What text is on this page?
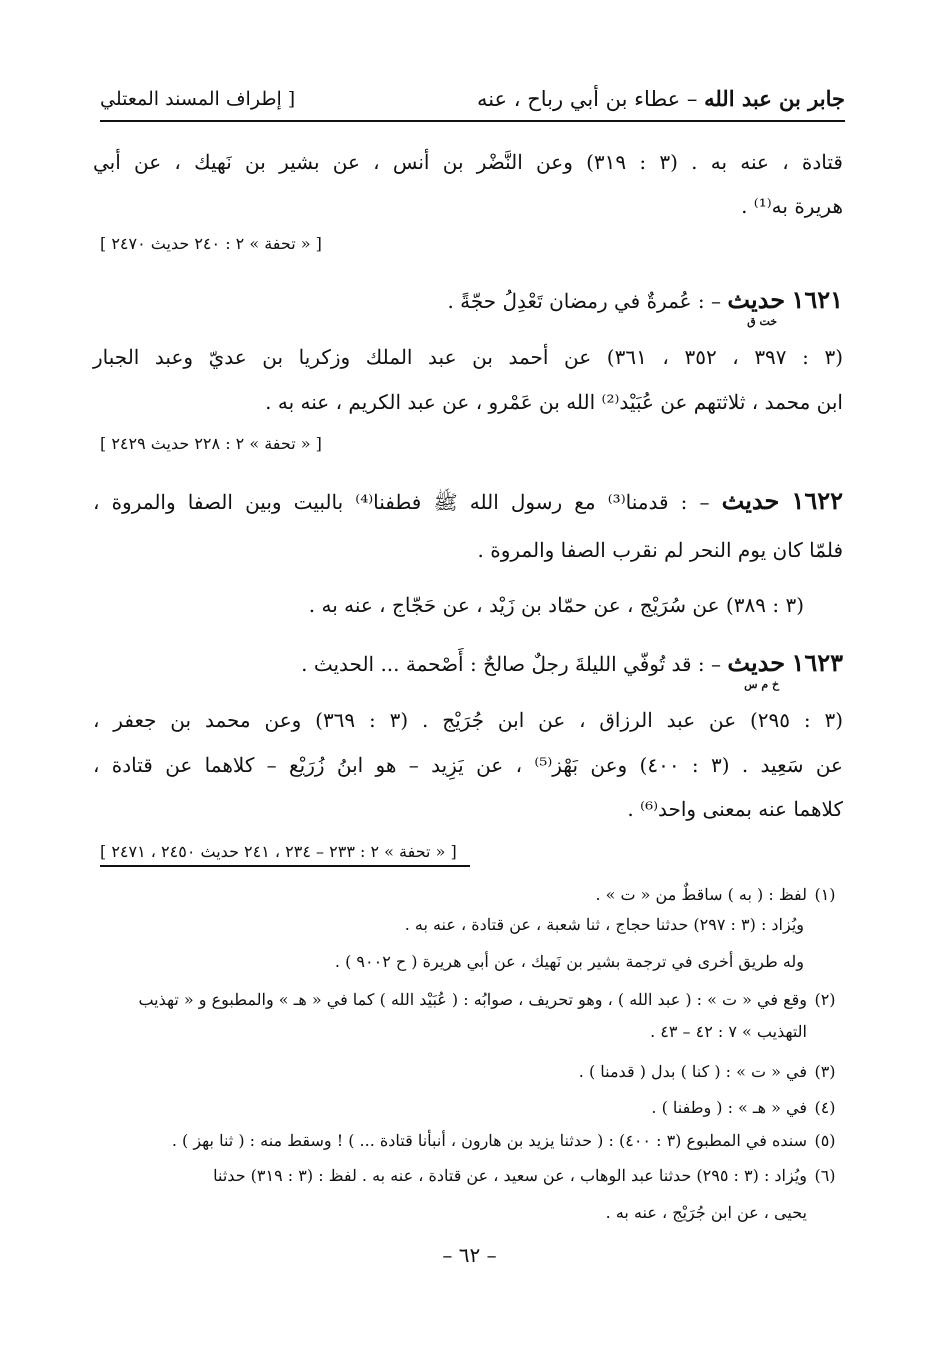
جابر بن عبد الله – عطاء بن أبي رباح ، عنه
[ إطراف المسند المعتلي
قتادة ، عنه به . (٣ : ٣١٩) وعن النَّضْر بن أنس ، عن بشير بن نَهيك ، عن أبي
هريرة به⁽¹⁾ .
[ « تحفة » ٢ : ٢٤٠ حديث ٢٤٧٠ ]
١٦٢١ حديث
خت ق
– : عُمرةٌ في رمضان تَعْدِلُ حجّةً .
(٣ : ٣٩٧ ، ٣٥٢ ، ٣٦١) عن أحمد بن عبد الملك وزكريا بن عديّ وعبد الجبار
ابن محمد ، ثلاثتهم عن عُبَيْد⁽²⁾ الله بن عَمْرو ، عن عبد الكريم ، عنه به .
[ « تحفة » ٢ : ٢٢٨ حديث ٢٤٢٩ ]
١٦٢٢ حديث – : قدمنا⁽³⁾ مع رسول الله ﷺ فطفنا⁽⁴⁾ بالبيت وبين الصفا والمروة ،
فلمّا كان يوم النحر لم نقرب الصفا والمروة .
(٣ : ٣٨٩) عن سُرَيْج ، عن حمّاد بن زَيْد ، عن حَجّاج ، عنه به .
١٦٢٣ حديث
خ م س
– : قد تُوفّي الليلةَ رجلٌ صالحٌ : أَصْحمة ... الحديث .
(٣ : ٢٩٥) عن عبد الرزاق ، عن ابن جُرَيْج . (٣ : ٣٦٩) وعن محمد بن جعفر ،
عن سَعِيد . (٣ : ٤٠٠) وعن بَهْز⁽⁵⁾ ، عن يَزِيد – هو ابنُ زُرَيْع – كلاهما عن قتادة ،
كلاهما عنه بمعنى واحد⁽⁶⁾ .
[ « تحفة » ٢ : ٢٣٣ – ٢٣٤ ، ٢٤١ حديث ٢٤٥٠ ، ٢٤٧١ ]
(١)لفظ : ( به ) ساقطٌ من « ت » .
ويُزاد : (٣ : ٢٩٧) حدثنا حجاج ، ثنا شعبة ، عن قتادة ، عنه به .
وله طريق أخرى في ترجمة بشير بن نَهيك ، عن أبي هريرة ( ح ٩٠٠٢ ) .
(٢)وقع في « ت » : ( عبد الله ) ، وهو تحريف ، صوابُه : ( عُبَيْد الله ) كما في « هـ » والمطبوع و « تهذيب
التهذيب » ٧ : ٤٢ – ٤٣ .
(٣)في « ت » : ( كنا ) بدل ( قدمنا ) .
(٤)في « هـ » : ( وطفنا ) .
(٥)سنده في المطبوع (٣ : ٤٠٠) : ( حدثنا يزيد بن هارون ، أنبأنا قتادة ... ) ! وسقط منه : ( ثنا بهز ) .
(٦)ويُزاد : (٣ : ٢٩٥) حدثنا عبد الوهاب ، عن سعيد ، عن قتادة ، عنه به . لفظ : (٣ : ٣١٩) حدثنا
يحيى ، عن ابن جُرَيْج ، عنه به .
– ٦٢ –
